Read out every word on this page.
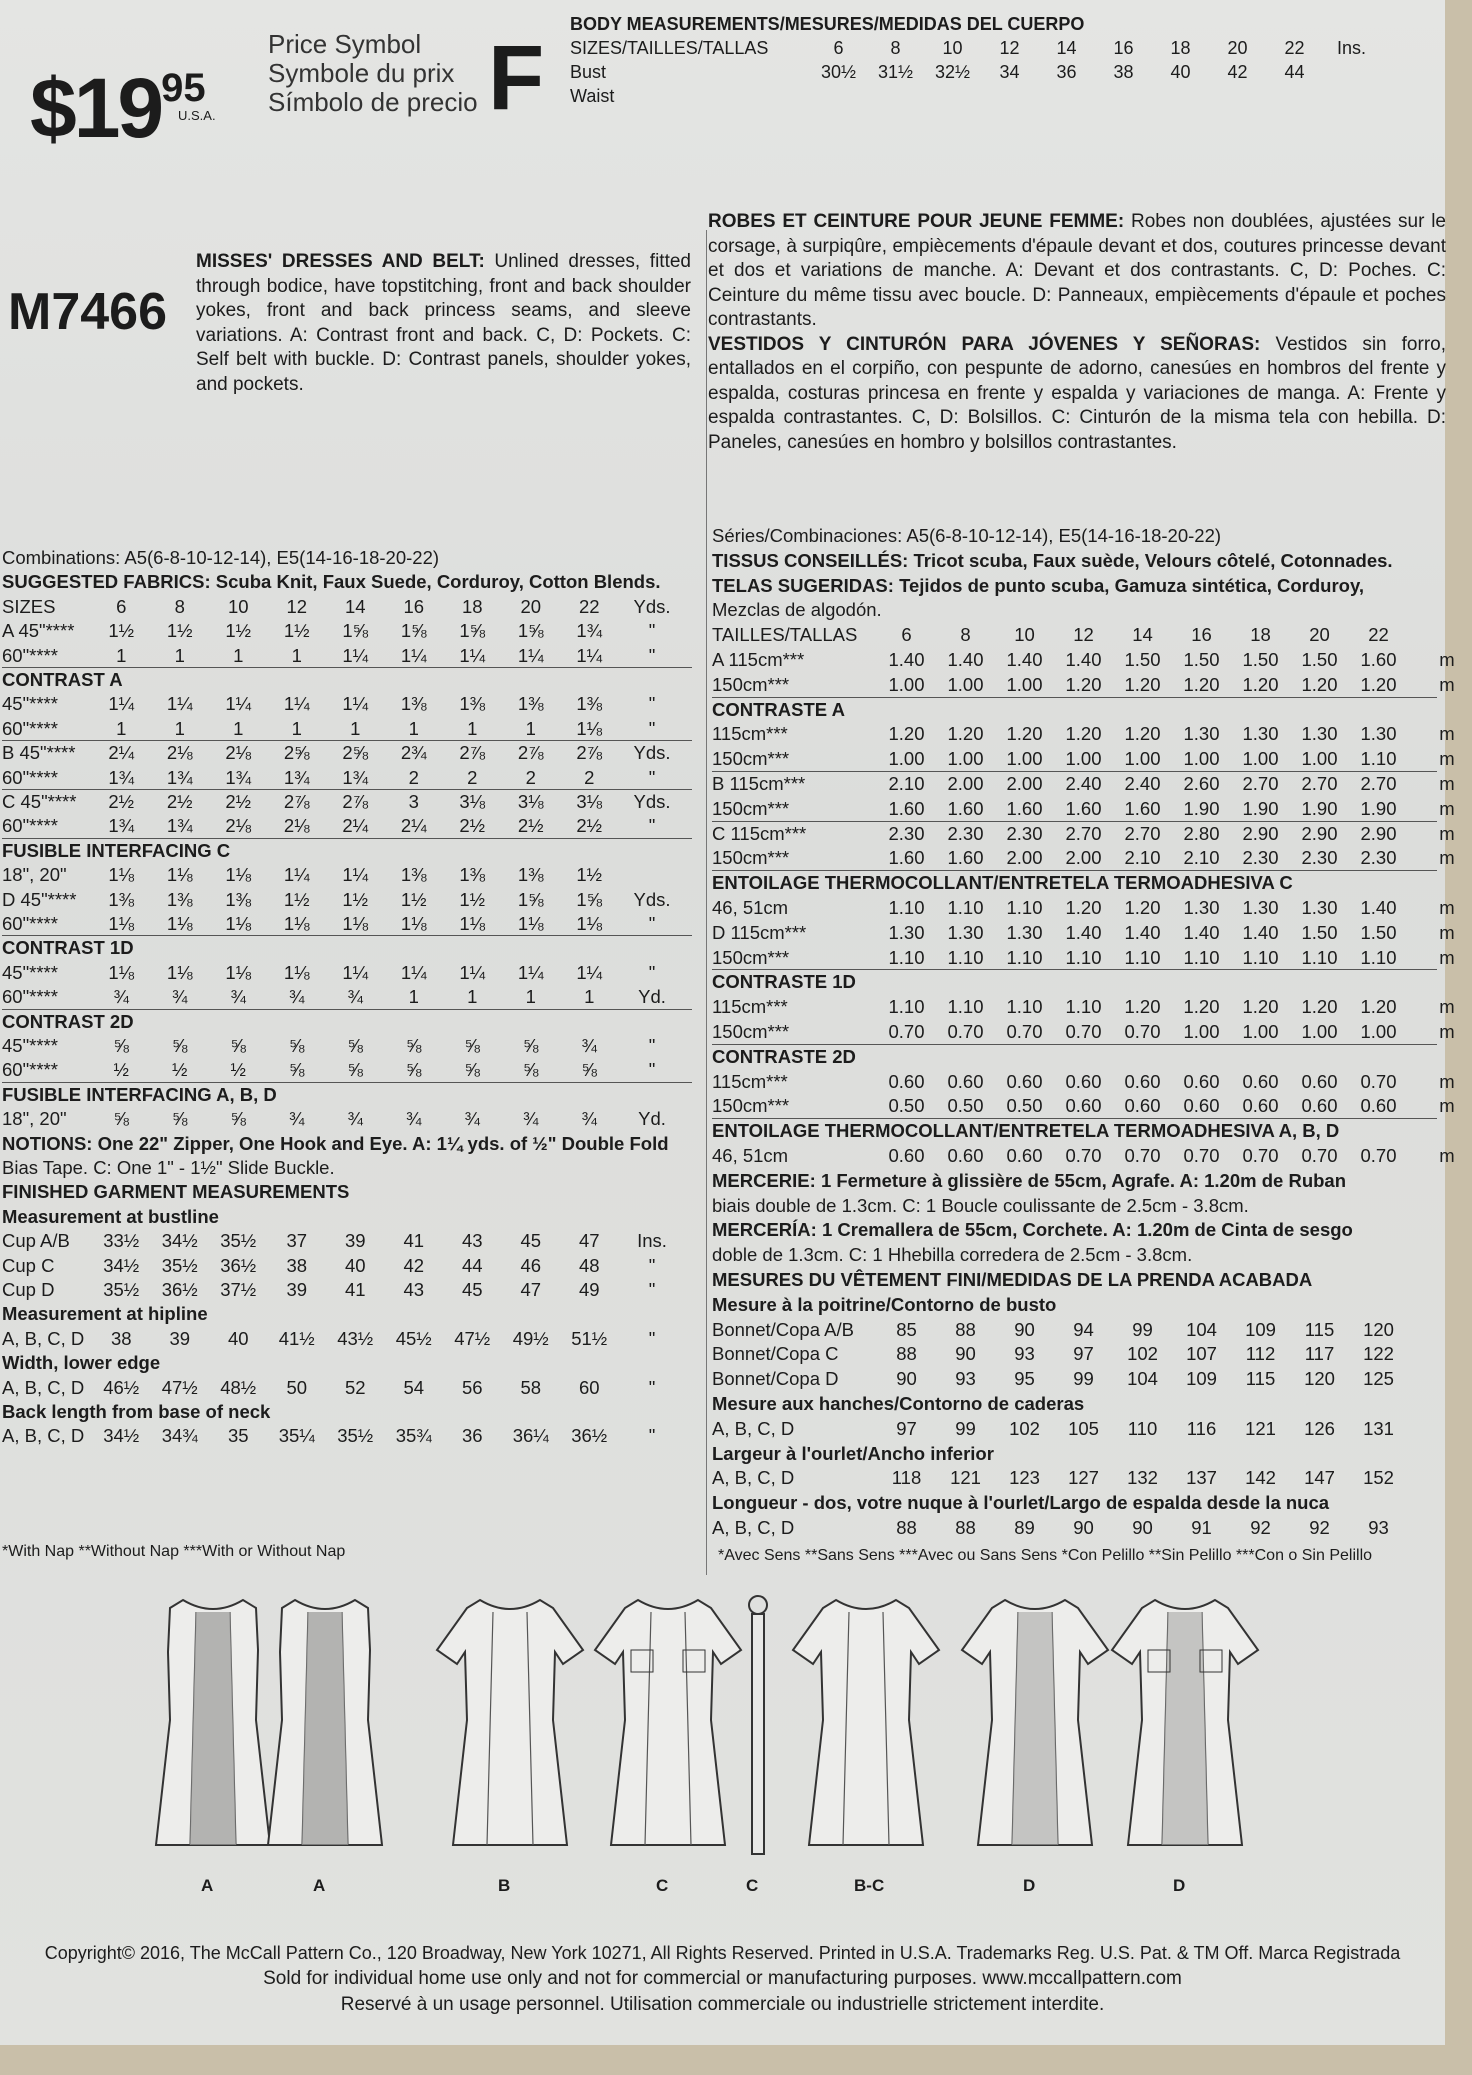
$\$19^{95}$
U.S.A.
Price Symbol
Symbole du prix
Símbolo de precio F
BODY MEASUREMENTS/MESURES/MEDIDAS DEL CUERPO
SIZES/TAILLES/TALLAS	6	8	10	12	14	16	18	20	22	Ins.
Bust	30½	31½	32½	34	36	38	40	42	44
Waist
M7466
MISSES' DRESSES AND BELT: Unlined dresses, fitted through bodice, have topstitching, front and back shoulder yokes, front and back princess seams, and sleeve variations. A: Contrast front and back. C, D: Pockets. C: Self belt with buckle. D: Contrast panels, shoulder yokes, and pockets.
ROBES ET CEINTURE POUR JEUNE FEMME: Robes non doublées, ajustées sur le corsage, à surpiqûre, empiècements d'épaule devant et dos, coutures princesse devant et dos et variations de manche. A: Devant et dos contrastants. C, D: Poches. C: Ceinture du même tissu avec boucle. D: Panneaux, empiècements d'épaule et poches contrastants.
VESTIDOS Y CINTURÓN PARA JÓVENES Y SEÑORAS: Vestidos sin forro, entallados en el corpiño, con pespunte de adorno, canesúes en hombros del frente y espalda, costuras princesa en frente y espalda y variaciones de manga. A: Frente y espalda contrastantes. C, D: Bolsillos. C: Cinturón de la misma tela con hebilla. D: Paneles, canesúes en hombro y bolsillos contrastantes.
Combinations: A5(6-8-10-12-14), E5(14-16-18-20-22)
SUGGESTED FABRICS: Scuba Knit, Faux Suede, Corduroy, Cotton Blends.
SIZES	6	8	10	12	14	16	18	20	22	Yds.
A 45"****	1½	1½	1½	1½	1⅝	1⅝	1⅝	1⅝	1¾	"
60"****	1	1	1	1	1¼	1¼	1¼	1¼	1¼	"
CONTRAST A
45"****	1¼	1¼	1¼	1¼	1¼	1⅜	1⅜	1⅜	1⅜	"
60"****	1	1	1	1	1	1	1	1	1⅛	"
B 45"****	2¼	2⅛	2⅛	2⅝	2⅝	2¾	2⅞	2⅞	2⅞	Yds.
60"****	1¾	1¾	1¾	1¾	1¾	2	2	2	2	"
C 45"****	2½	2½	2½	2⅞	2⅞	3	3⅛	3⅛	3⅛	Yds.
60"****	1¾	1¾	2⅛	2⅛	2¼	2¼	2½	2½	2½	"
FUSIBLE INTERFACING C
18", 20"	1⅛	1⅛	1⅛	1¼	1¼	1⅜	1⅜	1⅜	1½
D 45"****	1⅜	1⅜	1⅜	1½	1½	1½	1½	1⅝	1⅝	Yds.
60"****	1⅛	1⅛	1⅛	1⅛	1⅛	1⅛	1⅛	1⅛	1⅛	"
CONTRAST 1D
45"****	1⅛	1⅛	1⅛	1⅛	1¼	1¼	1¼	1¼	1¼	"
60"****	¾	¾	¾	¾	¾	1	1	1	1	Yd.
CONTRAST 2D
45"****	⅝	⅝	⅝	⅝	⅝	⅝	⅝	⅝	¾	"
60"****	½	½	½	⅝	⅝	⅝	⅝	⅝	⅝	"
FUSIBLE INTERFACING A, B, D
18", 20"	⅝	⅝	⅝	¾	¾	¾	¾	¾	¾	Yd.
NOTIONS: One 22" Zipper, One Hook and Eye. A: 1¼ yds. of ½" Double Fold
Bias Tape. C: One 1" - 1½" Slide Buckle.
FINISHED GARMENT MEASUREMENTS
Measurement at bustline
Cup A/B	33½	34½	35½	37	39	41	43	45	47	Ins.
Cup C	34½	35½	36½	38	40	42	44	46	48	"
Cup D	35½	36½	37½	39	41	43	45	47	49	"
Measurement at hipline
A, B, C, D	38	39	40	41½	43½	45½	47½	49½	51½	"
Width, lower edge
A, B, C, D	46½	47½	48½	50	52	54	56	58	60	"
Back length from base of neck
A, B, C, D	34½	34¾	35	35¼	35½	35¾	36	36¼	36½	"
*With Nap **Without Nap ***With or Without Nap
Séries/Combinaciones: A5(6-8-10-12-14), E5(14-16-18-20-22)
TISSUS CONSEILLÉS: Tricot scuba, Faux suède, Velours côtelé, Cotonnades.
TELAS SUGERIDAS: Tejidos de punto scuba, Gamuza sintética, Corduroy,
Mezclas de algodón.
TAILLES/TALLAS	6	8	10	12	14	16	18	20	22
A 115cm***	1.40	1.40	1.40	1.40	1.50	1.50	1.50	1.50	1.60	m
150cm***	1.00	1.00	1.00	1.20	1.20	1.20	1.20	1.20	1.20	m
CONTRASTE A
115cm***	1.20	1.20	1.20	1.20	1.20	1.30	1.30	1.30	1.30	m
150cm***	1.00	1.00	1.00	1.00	1.00	1.00	1.00	1.00	1.10	m
B 115cm***	2.10	2.00	2.00	2.40	2.40	2.60	2.70	2.70	2.70	m
150cm***	1.60	1.60	1.60	1.60	1.60	1.90	1.90	1.90	1.90	m
C 115cm***	2.30	2.30	2.30	2.70	2.70	2.80	2.90	2.90	2.90	m
150cm***	1.60	1.60	2.00	2.00	2.10	2.10	2.30	2.30	2.30	m
ENTOILAGE THERMOCOLLANT/ENTRETELA TERMOADHESIVA C
46, 51cm	1.10	1.10	1.10	1.20	1.20	1.30	1.30	1.30	1.40	m
D 115cm***	1.30	1.30	1.30	1.40	1.40	1.40	1.40	1.50	1.50	m
150cm***	1.10	1.10	1.10	1.10	1.10	1.10	1.10	1.10	1.10	m
CONTRASTE 1D
115cm***	1.10	1.10	1.10	1.10	1.20	1.20	1.20	1.20	1.20	m
150cm***	0.70	0.70	0.70	0.70	0.70	1.00	1.00	1.00	1.00	m
CONTRASTE 2D
115cm***	0.60	0.60	0.60	0.60	0.60	0.60	0.60	0.60	0.70	m
150cm***	0.50	0.50	0.50	0.60	0.60	0.60	0.60	0.60	0.60	m
ENTOILAGE THERMOCOLLANT/ENTRETELA TERMOADHESIVA A, B, D
46, 51cm	0.60	0.60	0.60	0.70	0.70	0.70	0.70	0.70	0.70	m
MERCERIE: 1 Fermeture à glissière de 55cm, Agrafe. A: 1.20m de Ruban
biais double de 1.3cm. C: 1 Boucle coulissante de 2.5cm - 3.8cm.
MERCERÍA: 1 Cremallera de 55cm, Corchete. A: 1.20m de Cinta de sesgo
doble de 1.3cm. C: 1 Hhebilla corredera de 2.5cm - 3.8cm.
MESURES DU VÊTEMENT FINI/MEDIDAS DE LA PRENDA ACABADA
Mesure à la poitrine/Contorno de busto
Bonnet/Copa A/B	85	88	90	94	99	104	109	115	120
Bonnet/Copa C	88	90	93	97	102	107	112	117	122
Bonnet/Copa D	90	93	95	99	104	109	115	120	125
Mesure aux hanches/Contorno de caderas
A, B, C, D	97	99	102	105	110	116	121	126	131
Largeur à l'ourlet/Ancho inferior
A, B, C, D	118	121	123	127	132	137	142	147	152
Longueur - dos, votre nuque à l'ourlet/Largo de espalda desde la nuca
A, B, C, D	88	88	89	90	90	91	92	92	93
*Avec Sens **Sans Sens ***Avec ou Sans Sens *Con Pelillo **Sin Pelillo ***Con o Sin Pelillo
A	A	B	C	C	B-C	D	D
Copyright© 2016, The McCall Pattern Co., 120 Broadway, New York 10271, All Rights Reserved. Printed in U.S.A. Trademarks Reg. U.S. Pat. & TM Off. Marca Registrada
Sold for individual home use only and not for commercial or manufacturing purposes. www.mccallpattern.com
Reservé à un usage personnel. Utilisation commerciale ou industrielle strictement interdite.
